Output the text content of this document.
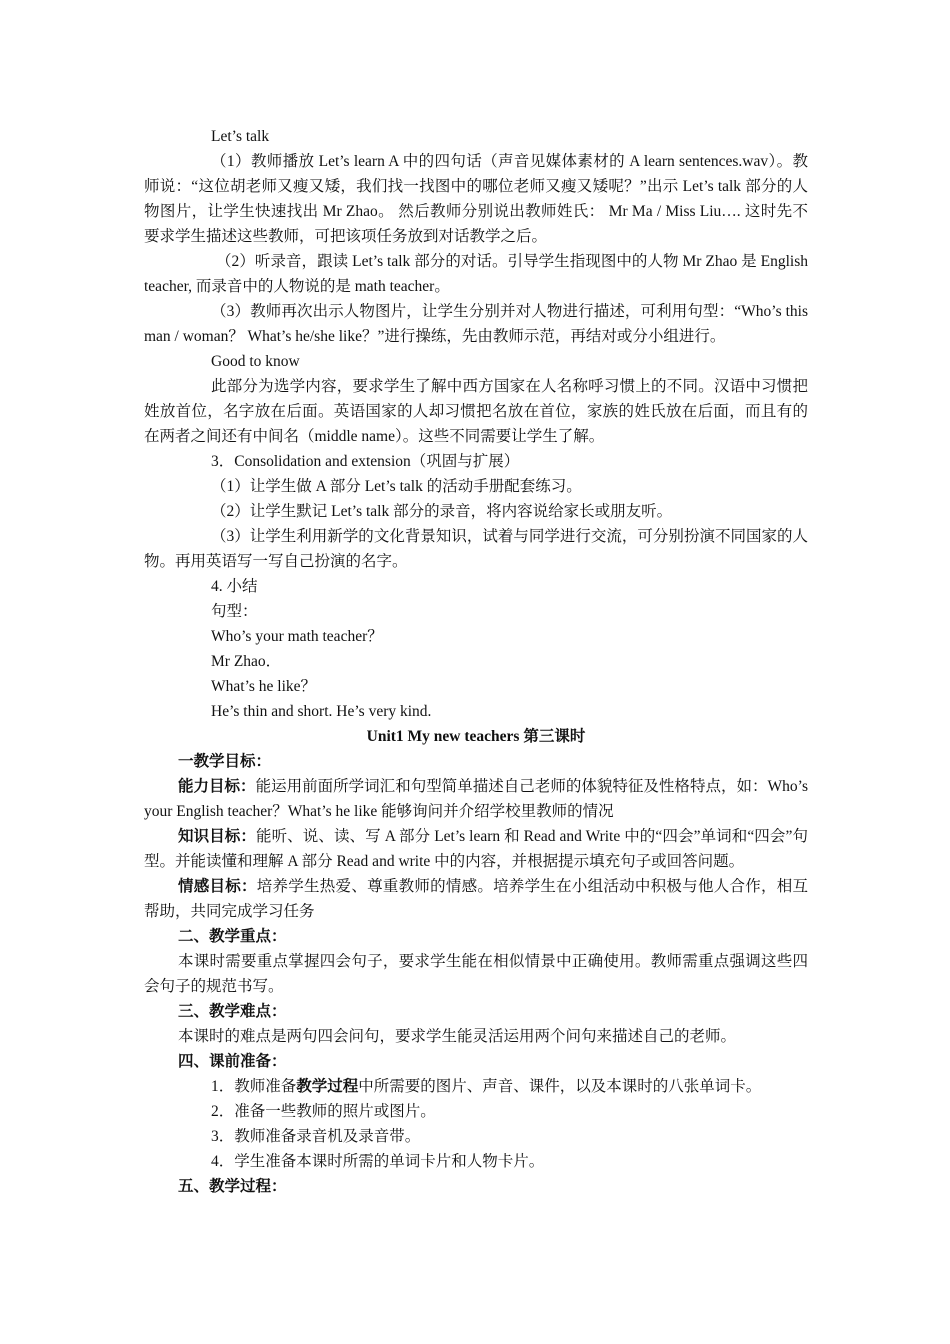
Let’s talk

（1）教师播放 Let’s learn A 中的四句话（声音见媒体素材的 A learn sentences.wav）。教师说：“这位胡老师又瘦又矮，我们找一找图中的哪位老师又瘦又矮呢？”出示 Let’s talk 部分的人物图片，让学生快速找出 Mr Zhao。 然后教师分别说出教师姓氏： Mr Ma / Miss Liu…. 这时先不要求学生描述这些教师，可把该项任务放到对话教学之后。

（2）听录音，跟读 Let’s talk 部分的对话。引导学生指现图中的人物 Mr Zhao 是 English teacher, 而录音中的人物说的是 math teacher。

（3）教师再次出示人物图片，让学生分别并对人物进行描述，可利用句型：“Who’s this man / woman？ What’s he/she like？”进行操练，先由教师示范，再结对或分小组进行。

Good to know

此部分为选学内容，要求学生了解中西方国家在人名称呼习惯上的不同。汉语中习惯把姓放首位，名字放在后面。英语国家的人却习惯把名放在首位，家族的姓氏放在后面，而且有的在两者之间还有中间名（middle name）。这些不同需要让学生了解。

3．Consolidation and extension（巩固与扩展）

（1）让学生做 A 部分 Let’s talk 的活动手册配套练习。

（2）让学生默记 Let’s talk 部分的录音，将内容说给家长或朋友听。

（3）让学生利用新学的文化背景知识，试着与同学进行交流，可分别扮演不同国家的人物。再用英语写一写自己扮演的名字。

4. 小结

句型：

Who’s your math teacher？

Mr Zhao．

What’s he like？

He’s thin and short. He’s very kind.

Unit1 My new teachers 第三课时

一教学目标：

能力目标：能运用前面所学词汇和句型简单描述自己老师的体貌特征及性格特点，如：Who’s your English teacher？What’s he like 能够询问并介绍学校里教师的情况

知识目标：能听、说、读、写 A 部分 Let’s learn 和 Read and Write 中的“四会”单词和“四会”句型。并能读懂和理解 A 部分 Read and write 中的内容，并根据提示填充句子或回答问题。

情感目标：培养学生热爱、尊重教师的情感。培养学生在小组活动中积极与他人合作，相互帮助，共同完成学习任务

二、教学重点：

本课时需要重点掌握四会句子，要求学生能在相似情景中正确使用。教师需重点强调这些四会句子的规范书写。

三、教学难点：

本课时的难点是两句四会问句，要求学生能灵活运用两个问句来描述自己的老师。

四、课前准备：

1．教师准备教学过程中所需要的图片、声音、课件，以及本课时的八张单词卡。

2．准备一些教师的照片或图片。

3．教师准备录音机及录音带。

4．学生准备本课时所需的单词卡片和人物卡片。

五、教学过程：
